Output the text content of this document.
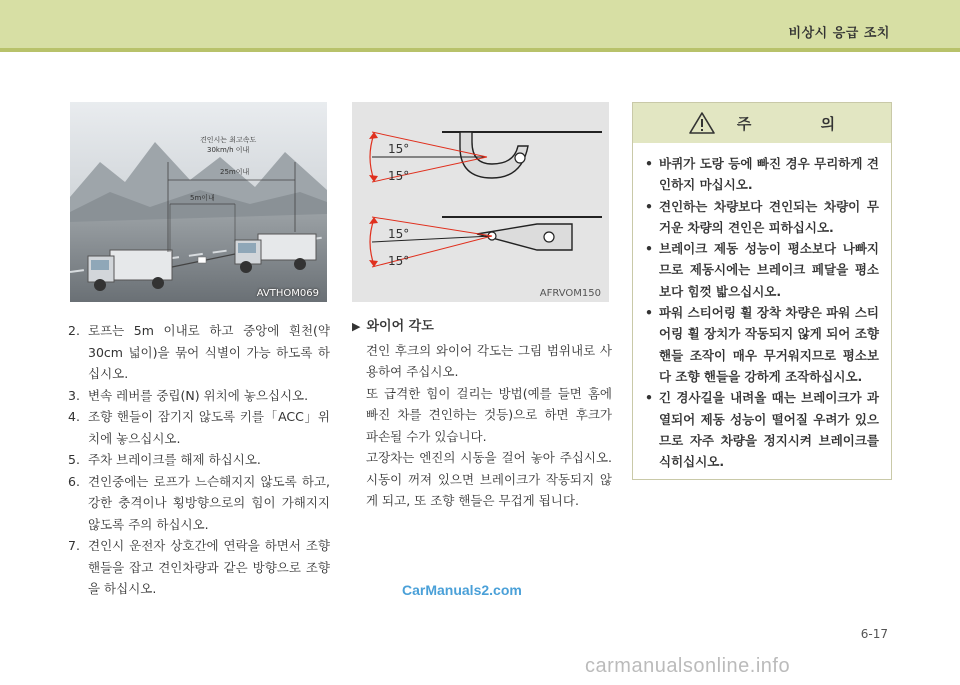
비상시 응급 조치
견인시는 최고속도
30km/h 이내
25m이내
5m이내
AVTHOM069
15°
15°
15°
15°
AFRVOM150
2. 로프는 5m 이내로 하고 중앙에 흰천(약 30cm 넓이)을 묶어 식별이 가능 하도록 하십시오.
3. 변속 레버를 중립(N) 위치에 놓으십시오.
4. 조향 핸들이 잠기지 않도록 키를「ACC」위치에 놓으십시오.
5. 주차 브레이크를 해제 하십시오.
6. 견인중에는 로프가 느슨해지지 않도록 하고, 강한 충격이나 횡방향으로의 힘이 가해지지 않도록 주의 하십시오.
7. 견인시 운전자 상호간에 연락을 하면서 조향 핸들을 잡고 견인차량과 같은 방향으로 조향을 하십시오.
▶ 와이어 각도

견인 후크의 와이어 각도는 그림 범위내로 사용하여 주십시오.

또 급격한 힘이 걸리는 방법(예를 들면 홈에 빠진 차를 견인하는 것등)으로 하면 후크가 파손될 수가 있습니다.

고장차는 엔진의 시동을 걸어 놓아 주십시오. 시동이 꺼져 있으면 브레이크가 작동되지 않게 되고, 또 조향 핸들은 무겁게 됩니다.

주 의
• 바퀴가 도랑 등에 빠진 경우 무리하게 견인하지 마십시오.
• 견인하는 차량보다 견인되는 차량이 무거운 차량의 견인은 피하십시오.
• 브레이크 제동 성능이 평소보다 나빠지므로 제동시에는 브레이크 페달을 평소보다 힘껏 밟으십시오.
• 파워 스티어링 휠 장착 차량은 파워 스티어링 휠 장치가 작동되지 않게 되어 조향 핸들 조작이 매우 무거워지므로 평소보다 조향 핸들을 강하게 조작하십시오.
• 긴 경사길을 내려올 때는 브레이크가 과열되어 제동 성능이 떨어질 우려가 있으므로 자주 차량을 정지시켜 브레이크를 식히십시오.
CarManuals2.com
6-17
carmanualsonline.info
